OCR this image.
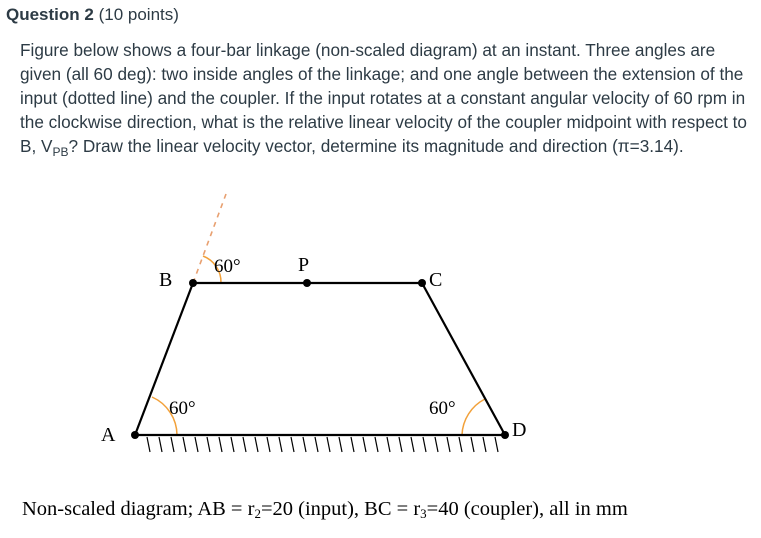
Question 2 (10 points)

Figure below shows a four-bar linkage (non-scaled diagram) at an instant. Three angles are given (all 60 deg): two inside angles of the linkage; and one angle between the extension of the input (dotted line) and the coupler. If the input rotates at a constant angular velocity of 60 rpm in the clockwise direction, what is the relative linear velocity of the coupler midpoint with respect to B, $V_{PB}$? Draw the linear velocity vector, determine its magnitude and direction (π=3.14).

A
B
P
C
D
60°
60°	60°
Non-scaled diagram; AB = r2=20 (input), BC = r3=40 (coupler), all in mm
